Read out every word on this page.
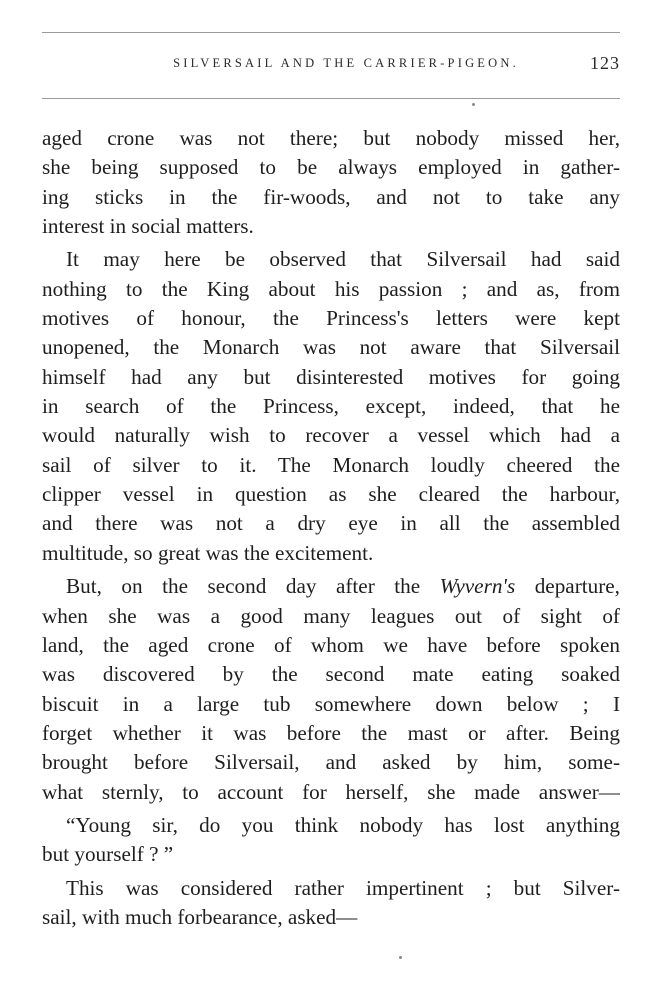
SILVERSAIL AND THE CARRIER-PIGEON.	123
aged crone was not there; but nobody missed her,
she being supposed to be always employed in gather-
ing sticks in the fir-woods, and not to take any
interest in social matters.
It may here be observed that Silversail had said
nothing to the King about his passion ; and as, from
motives of honour, the Princess's letters were kept
unopened, the Monarch was not aware that Silversail
himself had any but disinterested motives for going
in search of the Princess, except, indeed, that he
would naturally wish to recover a vessel which had a
sail of silver to it. The Monarch loudly cheered the
clipper vessel in question as she cleared the harbour,
and there was not a dry eye in all the assembled
multitude, so great was the excitement.
But, on the second day after the Wyvern's departure,
when she was a good many leagues out of sight of
land, the aged crone of whom we have before spoken
was discovered by the second mate eating soaked
biscuit in a large tub somewhere down below ; I
forget whether it was before the mast or after. Being
brought before Silversail, and asked by him, some-
what sternly, to account for herself, she made answer—
“Young sir, do you think nobody has lost anything
but yourself ? ”
This was considered rather impertinent ; but Silver-
sail, with much forbearance, asked—
